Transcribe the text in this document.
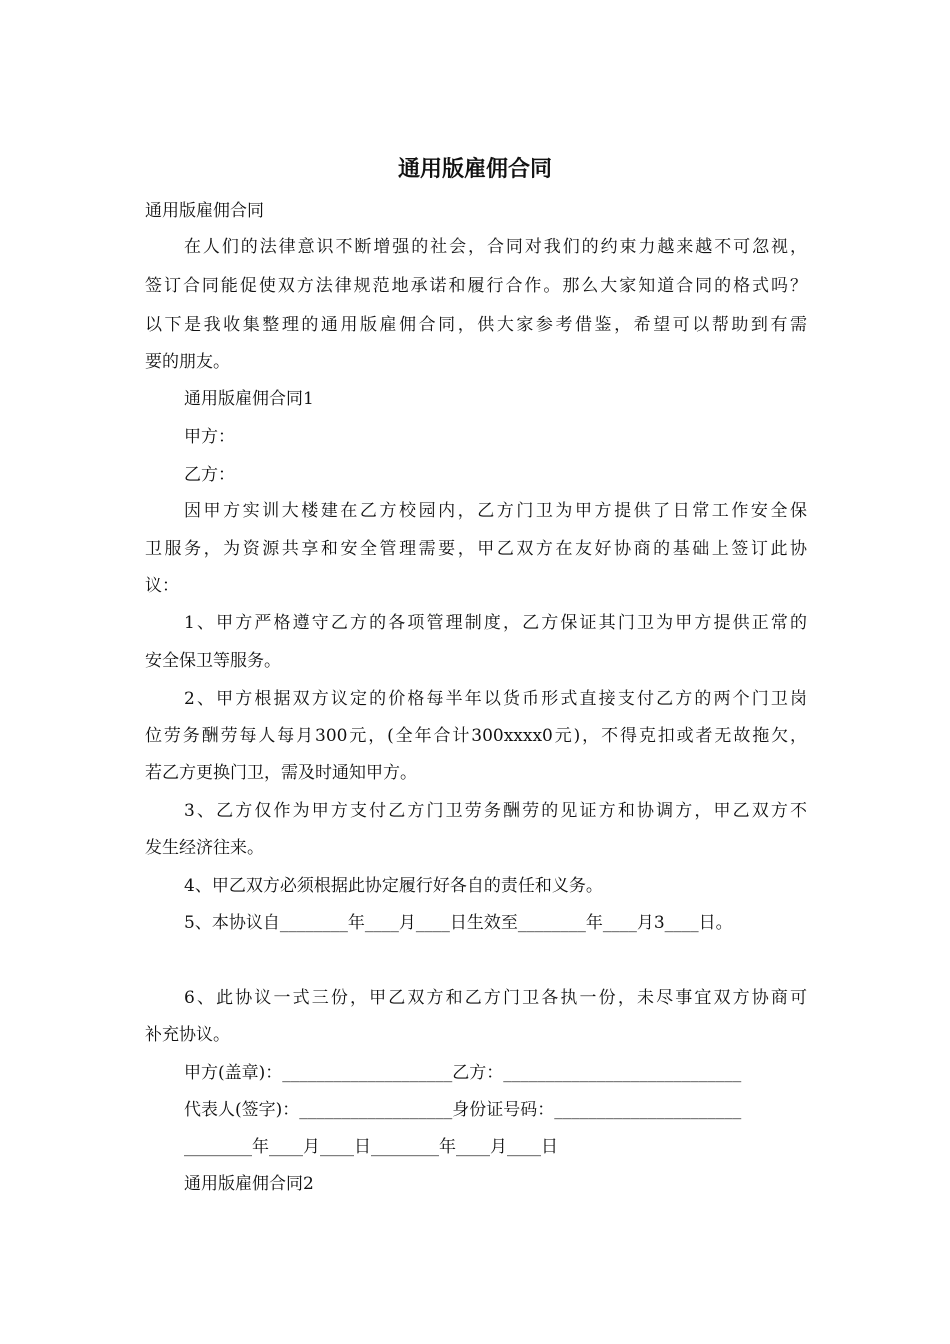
通用版雇佣合同

通用版雇佣合同

在人们的法律意识不断增强的社会，合同对我们的约束力越来越不可忽视，

签订合同能促使双方法律规范地承诺和履行合作。那么大家知道合同的格式吗？

以下是我收集整理的通用版雇佣合同，供大家参考借鉴，希望可以帮助到有需

要的朋友。

通用版雇佣合同1

甲方：

乙方：

因甲方实训大楼建在乙方校园内，乙方门卫为甲方提供了日常工作安全保

卫服务，为资源共享和安全管理需要，甲乙双方在友好协商的基础上签订此协

议：

1、甲方严格遵守乙方的各项管理制度，乙方保证其门卫为甲方提供正常的

安全保卫等服务。

2、甲方根据双方议定的价格每半年以货币形式直接支付乙方的两个门卫岗

位劳务酬劳每人每月300元，(全年合计300xxxx0元)，不得克扣或者无故拖欠，

若乙方更换门卫，需及时通知甲方。

3、乙方仅作为甲方支付乙方门卫劳务酬劳的见证方和协调方，甲乙双方不

发生经济往来。

4、甲乙双方必须根据此协定履行好各自的责任和义务。

5、本协议自________年____月____日生效至________年____月3____日。

6、此协议一式三份，甲乙双方和乙方门卫各执一份，未尽事宜双方协商可

补充协议。

甲方(盖章)：____________________乙方：____________________________

代表人(签字)：__________________身份证号码：______________________

________年____月____日________年____月____日

通用版雇佣合同2
